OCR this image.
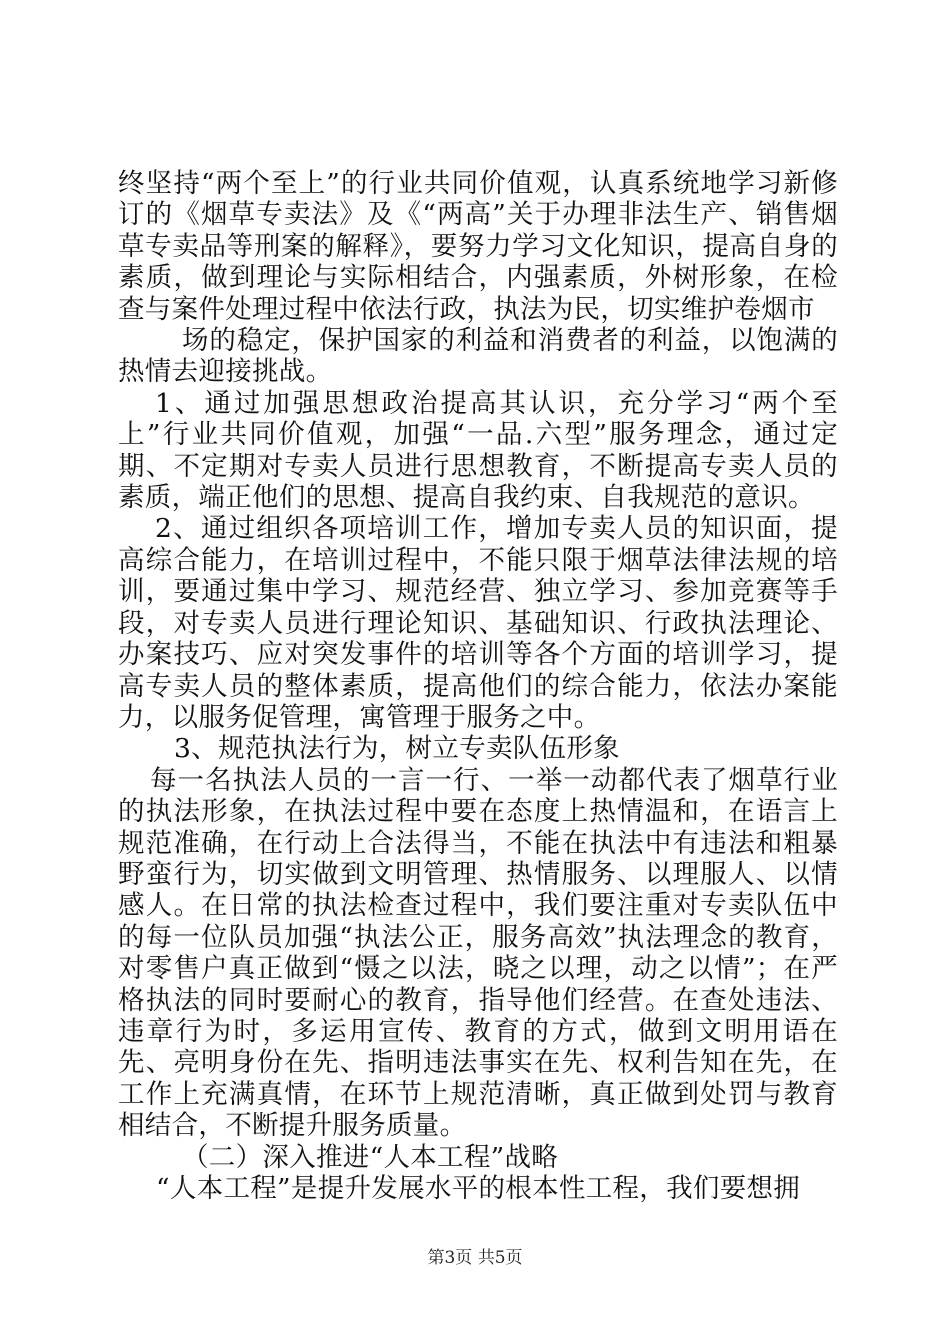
终坚持“两个至上”的行业共同价值观，认真系统地学习新修订的《烟草专卖法》及《“两高”关于办理非法生产、销售烟草专卖品等刑案的解释》，要努力学习文化知识，提高自身的素质，做到理论与实际相结合，内强素质，外树形象，在检查与案件处理过程中依法行政，执法为民，切实维护卷烟市

场的稳定，保护国家的利益和消费者的利益，以饱满的热情去迎接挑战。

1、通过加强思想政治提高其认识，充分学习“两个至上”行业共同价值观，加强“一品.六型”服务理念，通过定期、不定期对专卖人员进行思想教育，不断提高专卖人员的素质，端正他们的思想、提高自我约束、自我规范的意识。

2、通过组织各项培训工作，增加专卖人员的知识面，提高综合能力，在培训过程中，不能只限于烟草法律法规的培训，要通过集中学习、规范经营、独立学习、参加竞赛等手段，对专卖人员进行理论知识、基础知识、行政执法理论、办案技巧、应对突发事件的培训等各个方面的培训学习，提高专卖人员的整体素质，提高他们的综合能力，依法办案能力，以服务促管理，寓管理于服务之中。

3、规范执法行为，树立专卖队伍形象

每一名执法人员的一言一行、一举一动都代表了烟草行业的执法形象，在执法过程中要在态度上热情温和，在语言上规范准确，在行动上合法得当，不能在执法中有违法和粗暴野蛮行为，切实做到文明管理、热情服务、以理服人、以情感人。在日常的执法检查过程中，我们要注重对专卖队伍中的每一位队员加强“执法公正，服务高效”执法理念的教育，对零售户真正做到“慑之以法，晓之以理，动之以情”；在严格执法的同时要耐心的教育，指导他们经营。在查处违法、违章行为时，多运用宣传、教育的方式，做到文明用语在先、亮明身份在先、指明违法事实在先、权利告知在先，在工作上充满真情，在环节上规范清晰，真正做到处罚与教育相结合，不断提升服务质量。

（二）深入推进“人本工程”战略

“人本工程”是提升发展水平的根本性工程，我们要想拥

第3页 共5页
